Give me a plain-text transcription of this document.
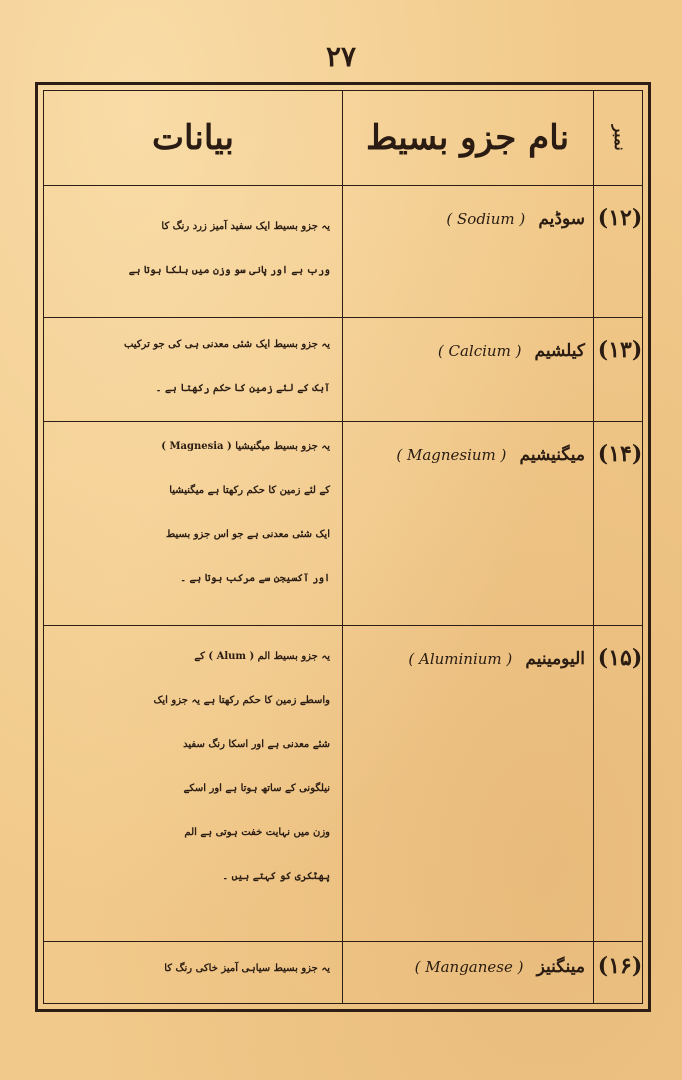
۲۷
نمبر
نام جزو بسیط
بیانات
(۱۲)
سوڈیم ( Sodium )
یہ جزو بسیط ایک سفید آمیز زرد رنگ کا
ورب ہے اور پانی سو وزن میں ہلکا ہوتا ہے
(۱۳)
کیلشیم ( Calcium )
یہ جزو بسیط ایک شئی معدنی ہی کی جو ترکیب
آہک کے لئے زمین کا حکم رکھتا ہے ۔
(۱۴)
میگنیشیم ( Magnesium )
یہ جزو بسیط میگنیشیا ( Magnesia )
کے لئے زمین کا حکم رکھتا ہے میگنیشیا
ایک شئی معدنی ہے جو اس جزو بسیط
اور آکسیجن سے مرکب ہوتا ہے ۔
(۱۵)
الیومینیم ( Aluminium )
یہ جزو بسیط الم ( Alum ) کے
واسطے زمین کا حکم رکھتا ہے یہ جزو ایک
شئے معدنی ہے اور اسکا رنگ سفید
نیلگونی کے ساتھ ہوتا ہے اور اسکے
وزن میں نہایت خفت ہوتی ہے الم
پھٹکری کو کہتے ہیں ۔
(۱۶)
مینگنیز ( Manganese )
یہ جزو بسیط سیاہی آمیز خاکی رنگ کا
